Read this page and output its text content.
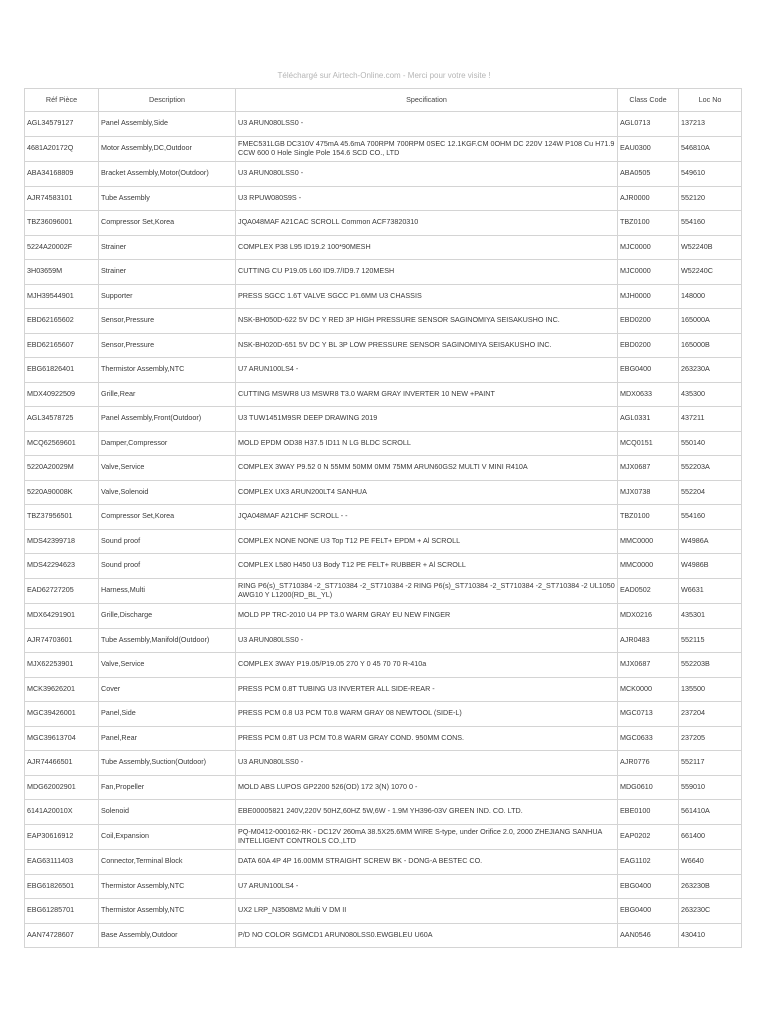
Téléchargé sur Airtech-Online.com - Merci pour votre visite !
Réf Pièce	Description	Specification	Class Code	Loc No
AGL34579127	Panel Assembly,Side	U3 ARUN080LSS0 -	AGL0713	137213
4681A20172Q	Motor Assembly,DC,Outdoor	FMEC531LGB DC310V 475mA 45.6mA 700RPM 700RPM 0SEC 12.1KGF.CM 0OHM DC 220V 124W P108 Cu H71.9 CCW 600 0 Hole Single Pole 154.6 SCD CO., LTD	EAU0300	546810A
ABA34168809	Bracket Assembly,Motor(Outdoor)	U3 ARUN080LSS0 -	ABA0505	549610
AJR74583101	Tube Assembly	U3 RPUW080S9S -	AJR0000	552120
TBZ36096001	Compressor Set,Korea	JQA048MAF A21CAC SCROLL Common ACF73820310	TBZ0100	554160
5224A20002F	Strainer	COMPLEX P38 L95 ID19.2 100*90MESH	MJC0000	W52240B
3H03659M	Strainer	CUTTING CU P19.05 L60 ID9.7/ID9.7 120MESH	MJC0000	W52240C
MJH39544901	Supporter	PRESS SGCC 1.6T VALVE SGCC P1.6MM U3 CHASSIS	MJH0000	148000
EBD62165602	Sensor,Pressure	NSK-BH050D-622 5V DC Y RED 3P HIGH PRESSURE SENSOR SAGINOMIYA SEISAKUSHO INC.	EBD0200	165000A
EBD62165607	Sensor,Pressure	NSK-BH020D-651 5V DC Y BL 3P LOW PRESSURE SENSOR SAGINOMIYA SEISAKUSHO INC.	EBD0200	165000B
EBG61826401	Thermistor Assembly,NTC	U7 ARUN100LS4 -	EBG0400	263230A
MDX40922509	Grille,Rear	CUTTING MSWR8 U3 MSWR8 T3.0 WARM GRAY INVERTER 10 NEW +PAINT	MDX0633	435300
AGL34578725	Panel Assembly,Front(Outdoor)	U3 TUW1451M9SR DEEP DRAWING 2019	AGL0331	437211
MCQ62569601	Damper,Compressor	MOLD EPDM OD38 H37.5 ID11 N LG BLDC SCROLL	MCQ0151	550140
5220A20029M	Valve,Service	COMPLEX 3WAY P9.52 0 N 55MM 50MM 0MM 75MM ARUN60GS2 MULTI V MINI R410A	MJX0687	552203A
5220A90008K	Valve,Solenoid	COMPLEX UX3 ARUN200LT4 SANHUA	MJX0738	552204
TBZ37956501	Compressor Set,Korea	JQA048MAF A21CHF SCROLL - -	TBZ0100	554160
MDS42399718	Sound proof	COMPLEX NONE NONE U3 Top T12 PE FELT+ EPDM + Al SCROLL	MMC0000	W4986A
MDS42294623	Sound proof	COMPLEX L580 H450 U3 Body T12 PE FELT+ RUBBER + Al SCROLL	MMC0000	W4986B
EAD62727205	Harness,Multi	RING P6(s)_ST710384 -2_ST710384 -2_ST710384 -2 RING P6(s)_ST710384 -2_ST710384 -2_ST710384 -2 UL1050 AWG10 Y L1200(RD_BL_YL)	EAD0502	W6631
MDX64291901	Grille,Discharge	MOLD PP TRC-2010 U4 PP T3.0 WARM GRAY EU NEW FINGER	MDX0216	435301
AJR74703601	Tube Assembly,Manifold(Outdoor)	U3 ARUN080LSS0 -	AJR0483	552115
MJX62253901	Valve,Service	COMPLEX 3WAY P19.05/P19.05 270 Y 0 45 70 70 R-410a	MJX0687	552203B
MCK39626201	Cover	PRESS PCM 0.8T TUBING U3 INVERTER ALL SIDE-REAR -	MCK0000	135500
MGC39426001	Panel,Side	PRESS PCM 0.8 U3 PCM T0.8 WARM GRAY 08 NEWTOOL (SIDE-L)	MGC0713	237204
MGC39613704	Panel,Rear	PRESS PCM 0.8T U3 PCM T0.8 WARM GRAY COND. 950MM CONS.	MGC0633	237205
AJR74466501	Tube Assembly,Suction(Outdoor)	U3 ARUN080LSS0 -	AJR0776	552117
MDG62002901	Fan,Propeller	MOLD ABS LUPOS GP2200 526(OD) 172 3(N) 1070 0 -	MDG0610	559010
6141A20010X	Solenoid	EBE00005821 240V,220V 50HZ,60HZ 5W,6W - 1.9M YH396-03V GREEN IND. CO. LTD.	EBE0100	561410A
EAP30616912	Coil,Expansion	PQ-M0412-000162-RK - DC12V 260mA 38.5X25.6MM WIRE S-type, under Orifice 2.0, 2000 ZHEJIANG SANHUA INTELLIGENT CONTROLS CO.,LTD	EAP0202	661400
EAG63111403	Connector,Terminal Block	DATA 60A 4P 4P 16.00MM STRAIGHT SCREW BK - DONG-A BESTEC CO.	EAG1102	W6640
EBG61826501	Thermistor Assembly,NTC	U7 ARUN100LS4 -	EBG0400	263230B
EBG61285701	Thermistor Assembly,NTC	UX2 LRP_N3508M2 Multi V DM II	EBG0400	263230C
AAN74728607	Base Assembly,Outdoor	P/D NO COLOR SGMCD1 ARUN080LSS0.EWGBLEU U60A	AAN0546	430410
